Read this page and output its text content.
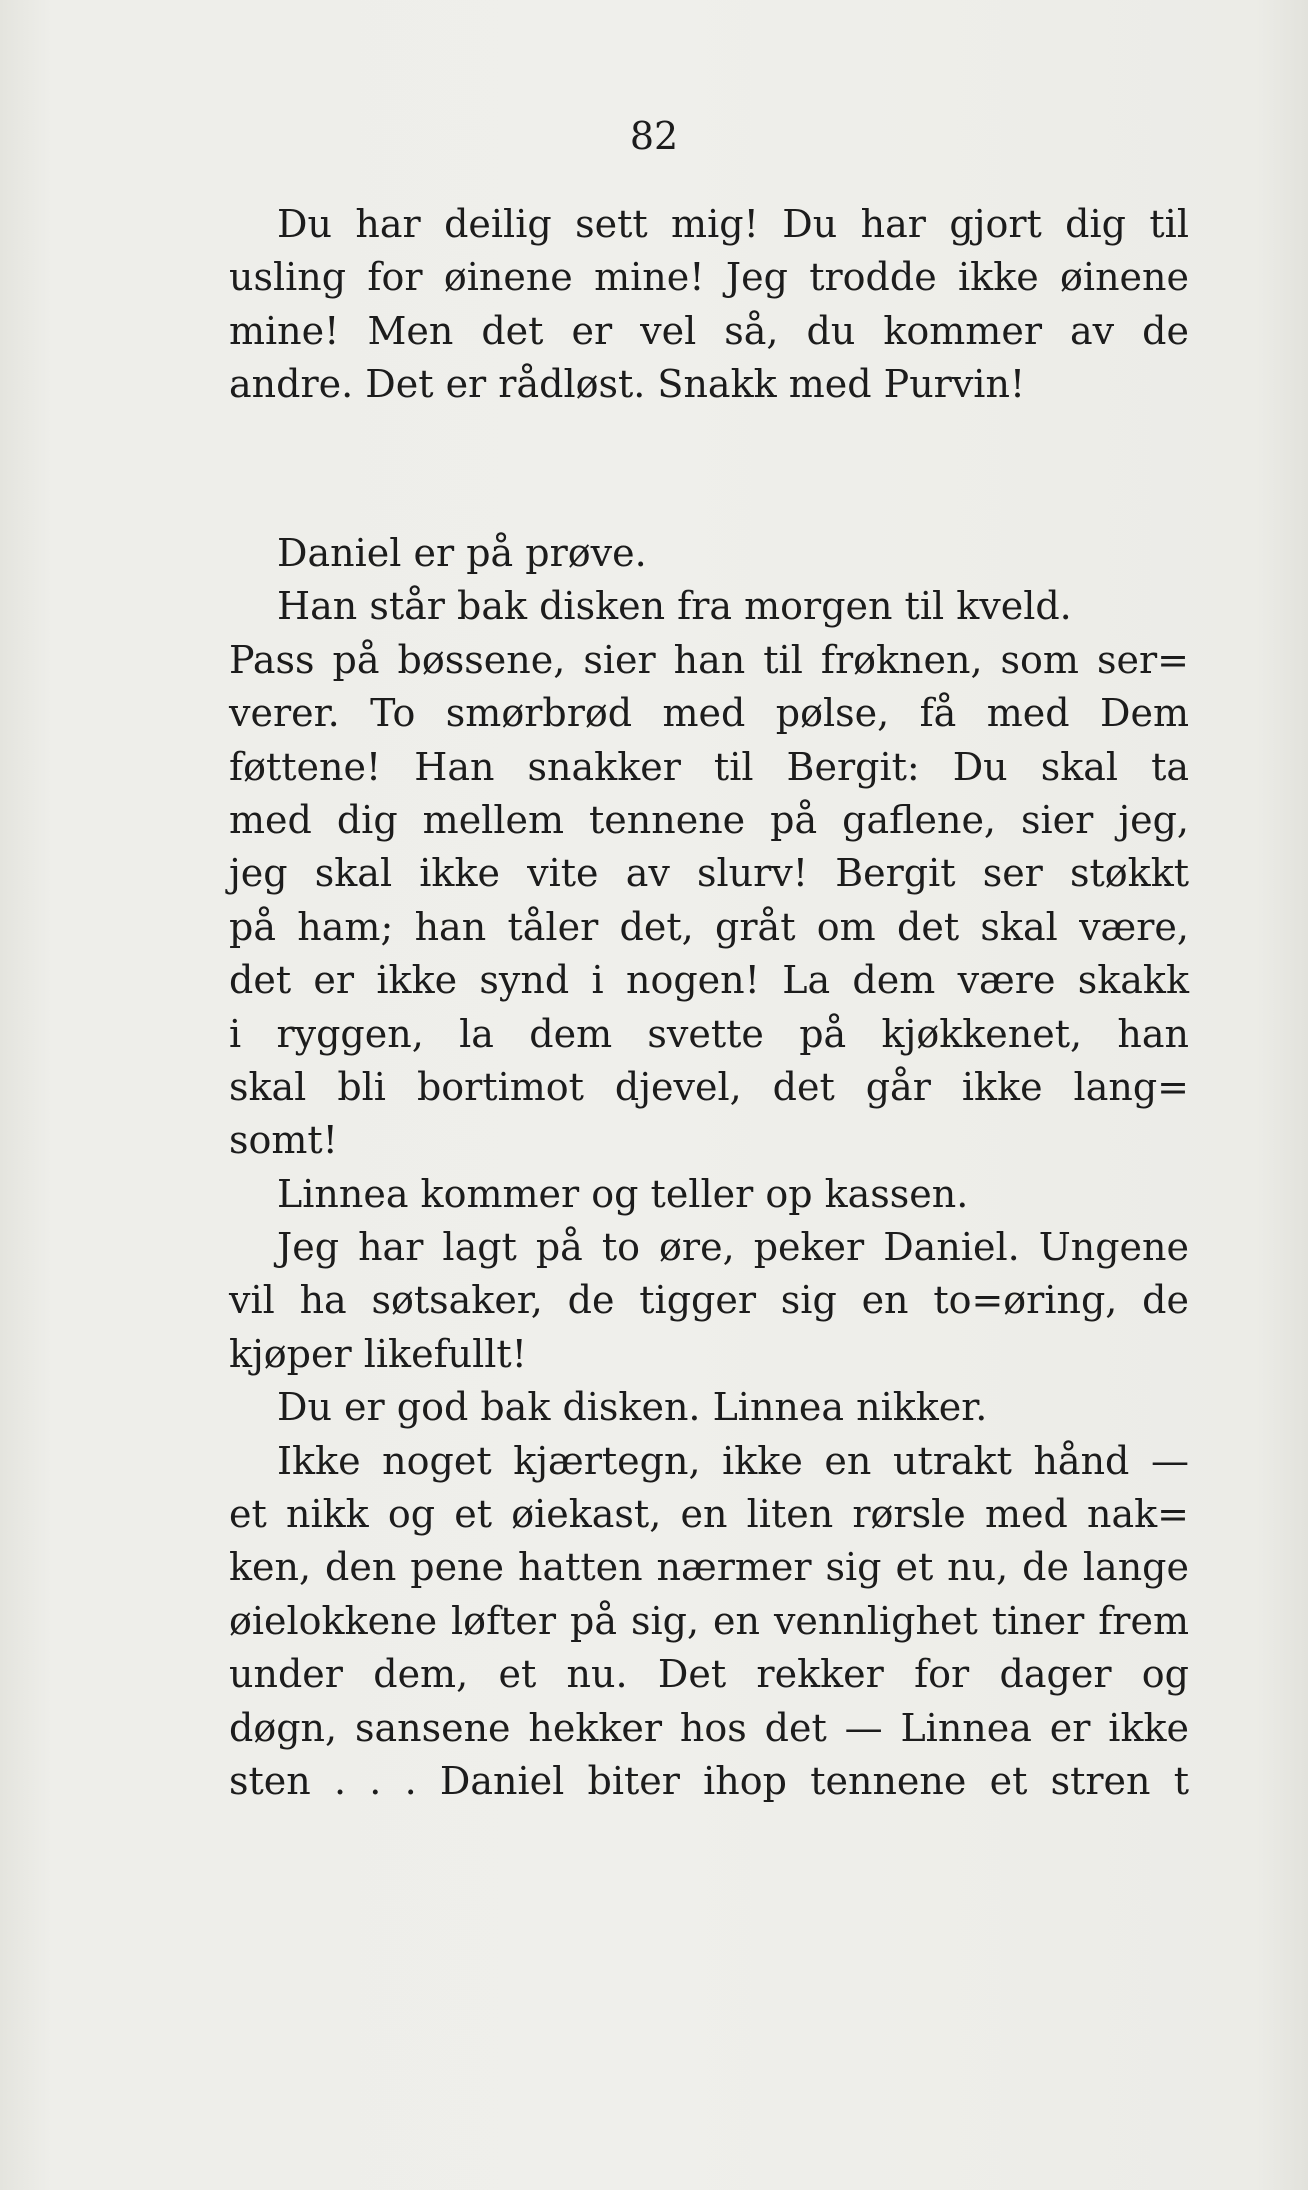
82
Du har deilig sett mig! Du har gjort dig til
usling for øinene mine! Jeg trodde ikke øinene
mine! Men det er vel så, du kommer av de
andre. Det er rådløst. Snakk med Purvin!
Daniel er på prøve.
Han står bak disken fra morgen til kveld.
Pass på bøssene, sier han til frøknen, som ser=
verer. To smørbrød med pølse, få med Dem
føttene! Han snakker til Bergit: Du skal ta
med dig mellem tennene på gaflene, sier jeg,
jeg skal ikke vite av slurv! Bergit ser støkkt
på ham; han tåler det, gråt om det skal være,
det er ikke synd i nogen! La dem være skakk
i ryggen, la dem svette på kjøkkenet, han
skal bli bortimot djevel, det går ikke lang=
somt!
Linnea kommer og teller op kassen.
Jeg har lagt på to øre, peker Daniel. Ungene
vil ha søtsaker, de tigger sig en to=øring, de
kjøper likefullt!
Du er god bak disken. Linnea nikker.
Ikke noget kjærtegn, ikke en utrakt hånd —
et nikk og et øiekast, en liten rørsle med nak=
ken, den pene hatten nærmer sig et nu, de lange
øielokkene løfter på sig, en vennlighet tiner frem
under dem, et nu. Det rekker for dager og
døgn, sansene hekker hos det — Linnea er ikke
sten . . . Daniel biter ihop tennene et stren t
